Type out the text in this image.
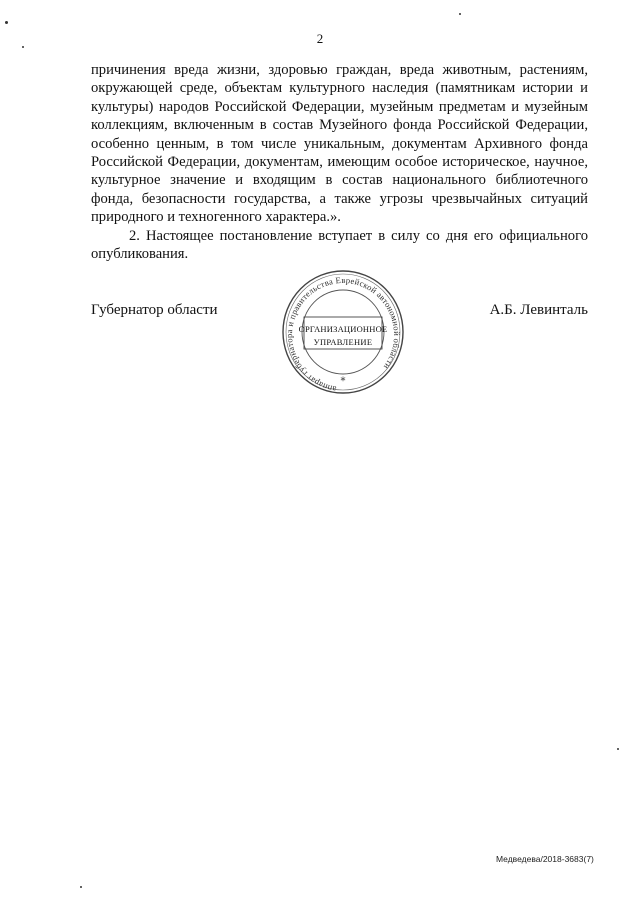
2

причинения вреда жизни, здоровью граждан, вреда животным, растениям, окружающей среде, объектам культурного наследия (памятникам истории и культуры) народов Российской Федерации, музейным предметам и музейным коллекциям, включенным в состав Музейного фонда Российской Федерации, особенно ценным, в том числе уникальным, документам Архивного фонда Российской Федерации, документам, имеющим особое историческое, научное, культурное значение и входящим в состав национального библиотечного фонда, безопасности государства, а также угрозы чрезвычайных ситуаций природного и техногенного характера.».

2. Настоящее постановление вступает в силу со дня его официального опубликования.

Губернатор области	А.Б. Левинталь
аппарат губернатора и правительства Еврейской автономной области
*
ОРГАНИЗАЦИОННОЕ
УПРАВЛЕНИЕ
Медведева/2018-3683(7)
